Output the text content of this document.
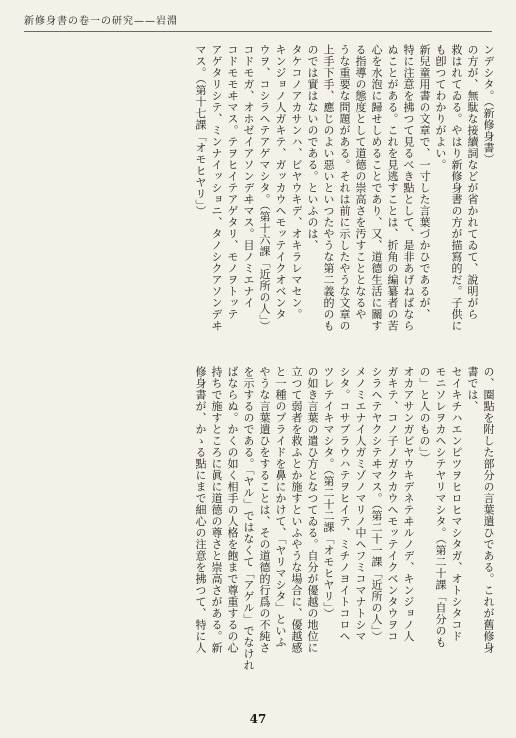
新修身書の卷一の研究——岩淵

ンデシタ。（新修身書）

の方が、無駄な接續詞などが省かれてゐて、說明がら

救はれてゐる。やはり新修身書の方が描寫的だ。子供に

も卽つてわかりがよい。

新兒童用書の文章で、一寸した言葉づかひであるが、

特に注意を拂つて見るべき點として、是非あげねばなら

ぬことがある。これを見逃すことは、折角の編纂者の苦

心を水泡に歸せしめることであり、又、道德生活に關す

る指導の態度として道德の崇高さを汚すこととなるや

うな重要な問題がある。それは前に示したやうな文章の

上手下手、應じのよい惡いといつたやうな第二義的のも

のでは實はないのである。といふのは、

タケコノアカサンハ、ビヤウキデ、オキラレマセン。

キンジョノ人ガキテ、ガッカウヘモッテイクオベンタ

ウヲ、コシラヘテアゲマシタ。（第十六課「近所の人」）

コドモガ、オホゼイアソンデヰマス。目ノミエナイ

コドモモヰマス。テヲヒイテアゲタリ、モノヲトッテ

アゲタリシテ、ミンナイッショニ、タノシクアソンデヰ

マス。（第十七課「オモヒヤリ」）

の、圈點を附した部分の言葉遣ひである。これが舊修身

書では、

セイキチハエンピツヲヒロヒマシタガ、オトシタコド

モニソレヲカヘシテヤリマシタ。（第二十課「自分のも

の」と人のもの」）

オカアサンガビヤウキデネテヰルノデ、キンジョノ人

ガキテ、コノ子ノガクカウヘモッテイクベンタウヲコ

シラヘテヤクシテヰマス。（第二十一課「近所の人」）

メノミエナイ人ガミゾノマリノ中ヘフミコマナトシマ

シタ。コサブラウハテヲヒイテ、ミチノヨイトコロヘ

ツレテイキマシタ。（第二十二課「オモヒヤリ」）

の如き言葉の遣ひ方となつてゐる。自分が優越の地位に

立つて弱者を救ふとか施すといふやうな場合に、優越感

と一種のプライドを鼻にかけて、「ヤリマシタ」といふ

やうな言葉遣ひをすることは、その道德的行爲の不純さ

を示するのである。「ヤル」ではなくて「アゲル」でなけれ

ばならぬ。かくの如く相手の人格を飽まで尊重するの心

持ちで施すところに眞に道德の尊さと崇高さがある。新

修身書が、かゝる點にまで細心の注意を拂つて、特に人

47
